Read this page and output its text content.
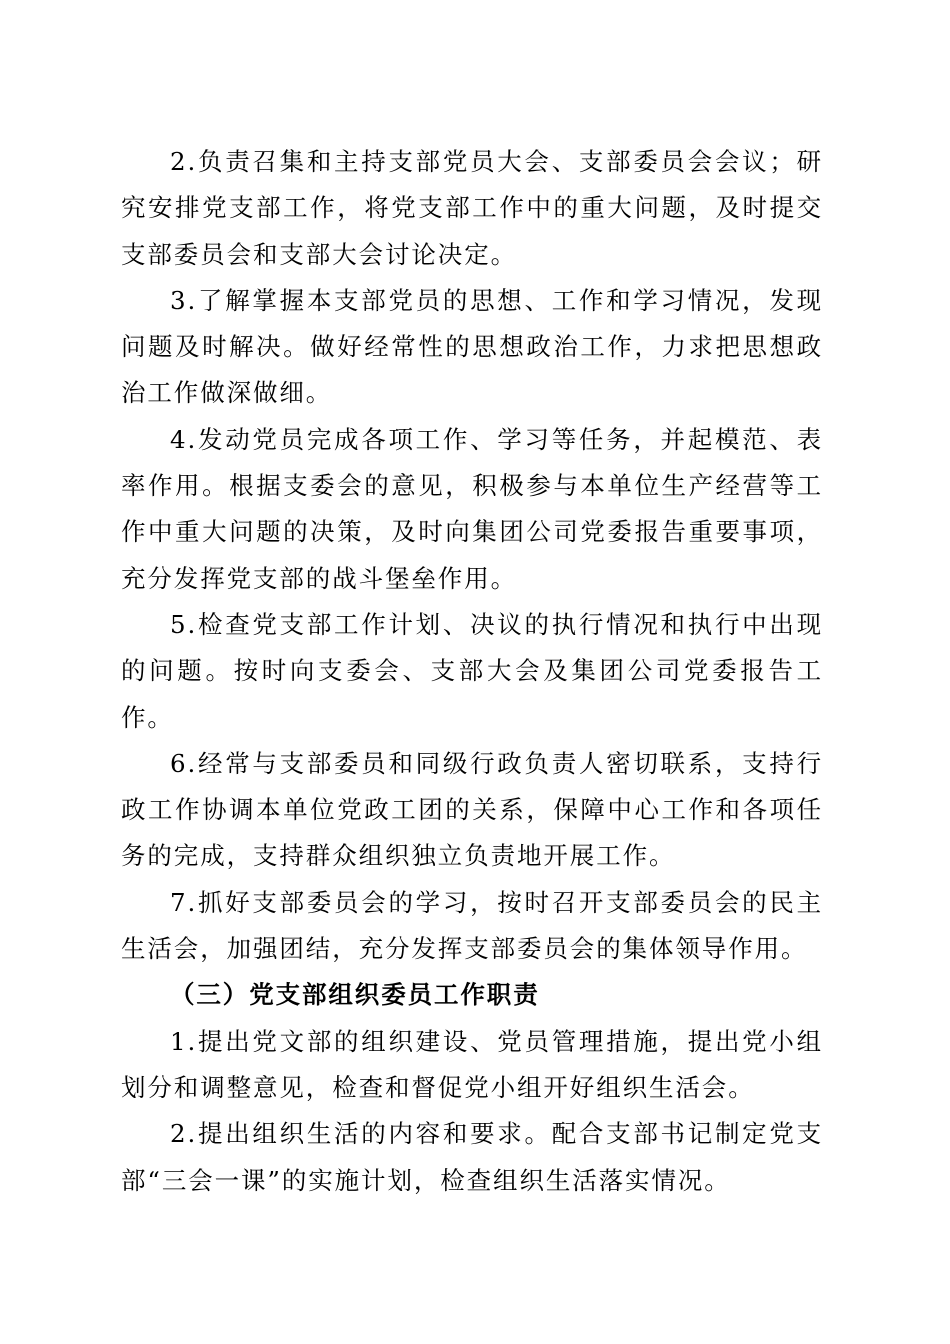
2.负责召集和主持支部党员大会、支部委员会会议；研究安排党支部工作，将党支部工作中的重大问题，及时提交支部委员会和支部大会讨论决定。

3.了解掌握本支部党员的思想、工作和学习情况，发现问题及时解决。做好经常性的思想政治工作，力求把思想政治工作做深做细。

4.发动党员完成各项工作、学习等任务，并起模范、表率作用。根据支委会的意见，积极参与本单位生产经营等工作中重大问题的决策，及时向集团公司党委报告重要事项，充分发挥党支部的战斗堡垒作用。

5.检查党支部工作计划、决议的执行情况和执行中出现的问题。按时向支委会、支部大会及集团公司党委报告工作。

6.经常与支部委员和同级行政负责人密切联系，支持行政工作协调本单位党政工团的关系，保障中心工作和各项任务的完成，支持群众组织独立负责地开展工作。

7.抓好支部委员会的学习，按时召开支部委员会的民主生活会，加强团结，充分发挥支部委员会的集体领导作用。

（三）党支部组织委员工作职责

1.提出党文部的组织建设、党员管理措施，提出党小组划分和调整意见，检查和督促党小组开好组织生活会。

2.提出组织生活的内容和要求。配合支部书记制定党支部“三会一课”的实施计划，检查组织生活落实情况。
